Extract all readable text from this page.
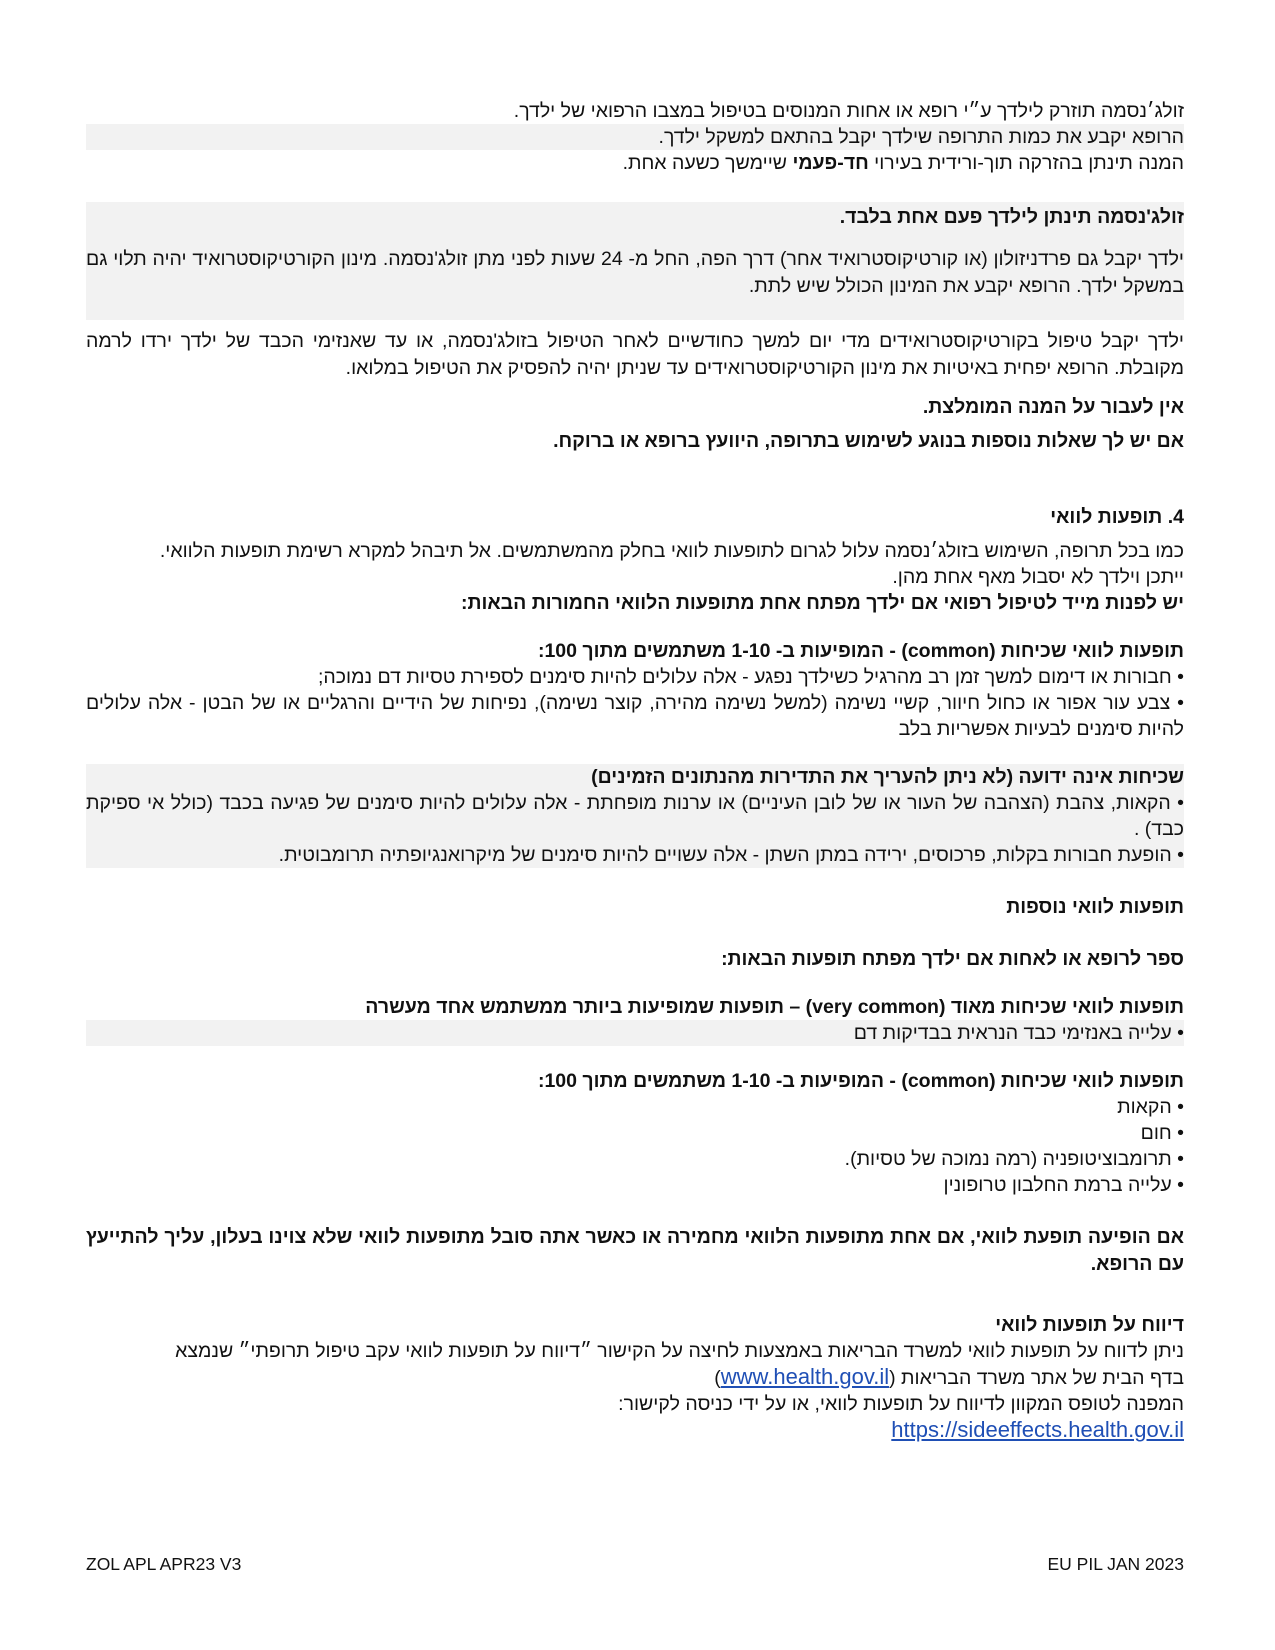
זולג׳נסמה תוזרק לילדך ע״י רופא או אחות המנוסים בטיפול במצבו הרפואי של ילדך.

הרופא יקבע את כמות התרופה שילדך יקבל בהתאם למשקל ילדך.

המנה תינתן בהזרקה תוך-ורידית בעירוי חד-פעמי שיימשך כשעה אחת.

זולג'נסמה תינתן לילדך פעם אחת בלבד.

ילדך יקבל גם פרדניזולון (או קורטיקוסטרואיד אחר) דרך הפה, החל מ- 24 שעות לפני מתן זולג'נסמה. מינון הקורטיקוסטרואיד יהיה תלוי גם במשקל ילדך. הרופא יקבע את המינון הכולל שיש לתת.

ילדך יקבל טיפול בקורטיקוסטרואידים מדי יום למשך כחודשיים לאחר הטיפול בזולג'נסמה, או עד שאנזימי הכבד של ילדך ירדו לרמה מקובלת. הרופא יפחית באיטיות את מינון הקורטיקוסטרואידים עד שניתן יהיה להפסיק את הטיפול במלואו.

אין לעבור על המנה המומלצת.

אם יש לך שאלות נוספות בנוגע לשימוש בתרופה, היוועץ ברופא או ברוקח.

4. תופעות לוואי

כמו בכל תרופה, השימוש בזולג׳נסמה עלול לגרום לתופעות לוואי בחלק מהמשתמשים. אל תיבהל למקרא רשימת תופעות הלוואי.

ייתכן וילדך לא יסבול מאף אחת מהן.

יש לפנות מייד לטיפול רפואי אם ילדך מפתח אחת מתופעות הלוואי החמורות הבאות:

תופעות לוואי שכיחות (common) - המופיעות ב- 1-10 משתמשים מתוך 100:

• חבורות או דימום למשך זמן רב מהרגיל כשילדך נפגע - אלה עלולים להיות סימנים לספירת טסיות דם נמוכה;

• צבע עור אפור או כחול חיוור, קשיי נשימה (למשל נשימה מהירה, קוצר נשימה), נפיחות של הידיים והרגליים או של הבטן - אלה עלולים להיות סימנים לבעיות אפשריות בלב

שכיחות אינה ידועה (לא ניתן להעריך את התדירות מהנתונים הזמינים)

• הקאות, צהבת (הצהבה של העור או של לובן העיניים) או ערנות מופחתת - אלה עלולים להיות סימנים של פגיעה בכבד (כולל אי ספיקת כבד) .

• הופעת חבורות בקלות, פרכוסים, ירידה במתן השתן - אלה עשויים להיות סימנים של מיקרואנגיופתיה תרומבוטית.

תופעות לוואי נוספות

ספר לרופא או לאחות אם ילדך מפתח תופעות הבאות:

תופעות לוואי שכיחות מאוד (very common) – תופעות שמופיעות ביותר ממשתמש אחד מעשרה

• עלייה באנזימי כבד הנראית בבדיקות דם

תופעות לוואי שכיחות (common) - המופיעות ב- 1-10 משתמשים מתוך 100:

• הקאות

• חום

• תרומבוציטופניה (רמה נמוכה של טסיות).

• עלייה ברמת החלבון טרופונין

אם הופיעה תופעת לוואי, אם אחת מתופעות הלוואי מחמירה או כאשר אתה סובל מתופעות לוואי שלא צוינו בעלון, עליך להתייעץ עם הרופא.

דיווח על תופעות לוואי

ניתן לדווח על תופעות לוואי למשרד הבריאות באמצעות לחיצה על הקישור ״דיווח על תופעות לוואי עקב טיפול תרופתי״ שנמצא

בדף הבית של אתר משרד הבריאות (www.health.gov.il)

המפנה לטופס המקוון לדיווח על תופעות לוואי, או על ידי כניסה לקישור:

https://sideeffects.health.gov.il

ZOL APL APR23 V3	EU PIL JAN 2023
